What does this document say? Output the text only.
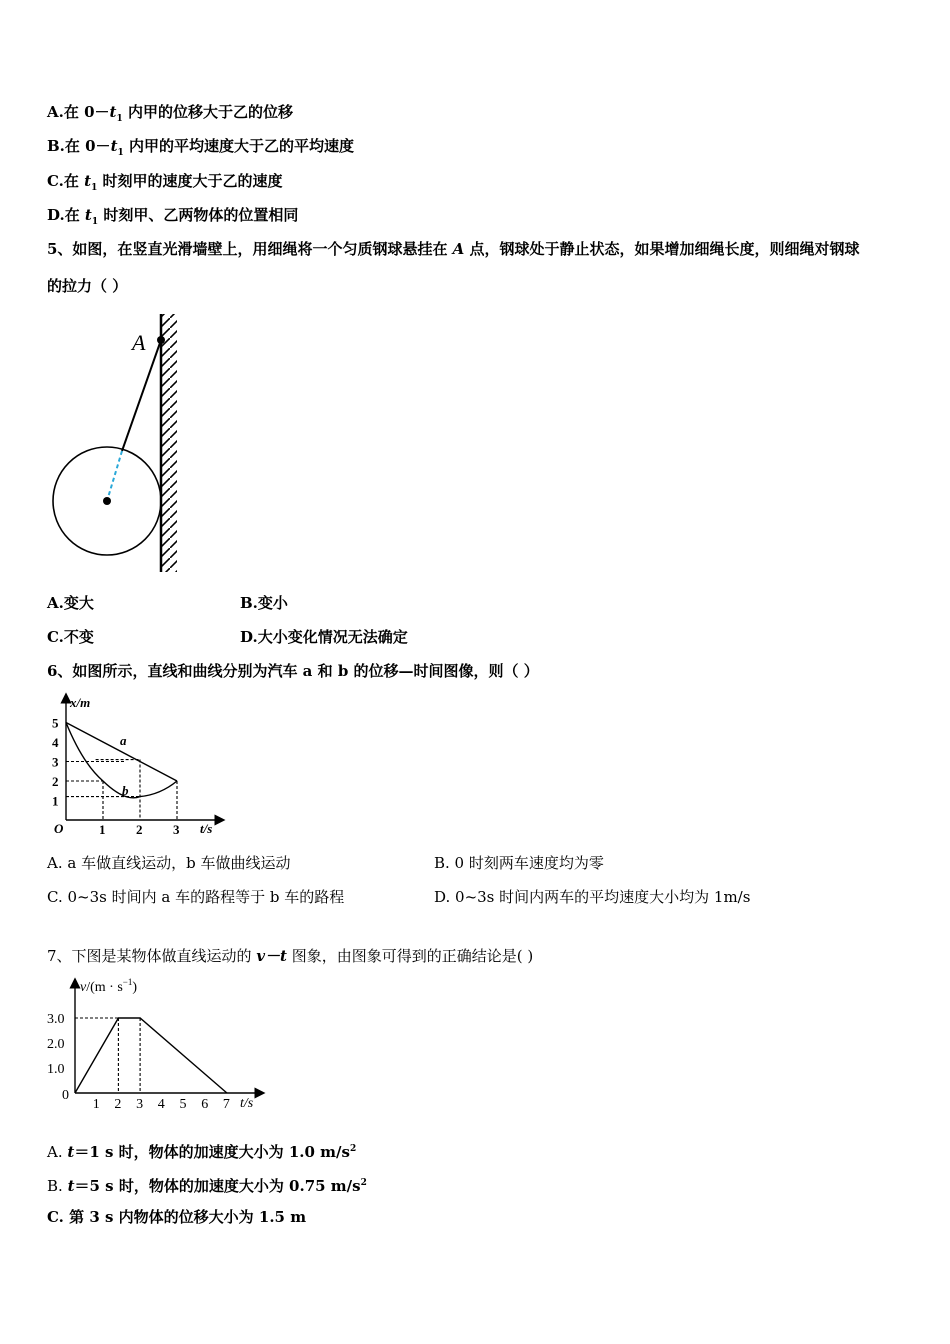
A.在 $0-t_1$ 内甲的位移大于乙的位移
B.在 $0-t_1$ 内甲的平均速度大于乙的平均速度
C.在 $t_1$ 时刻甲的速度大于乙的速度
D.在 $t_1$ 时刻甲、乙两物体的位置相同
5、如图，在竖直光滑墙壁上，用细绳将一个匀质钢球悬挂在 A 点，钢球处于静止状态，如果增加细绳长度，则细绳对钢球
的拉力（ ）
A
A.变大	B.变小
C.不变	D.大小变化情况无法确定
6、如图所示，直线和曲线分别为汽车 a 和 b 的位移—时间图像，则（ ）
x/m
t/s
O
5
4
3
2
1
1 2 3
a
b
A. a 车做直线运动，b 车做曲线运动	B. 0 时刻两车速度均为零
C. 0~3s 时间内 a 车的路程等于 b 车的路程	D. 0~3s 时间内两车的平均速度大小均为 1m/s
7、下图是某物体做直线运动的 v－t 图象，由图象可得到的正确结论是( )
$v/(m \cdot s^{-1})$
t/s
0
3.0
2.0
1.0
1 2 3 4 5 6 7
A. t＝1 s 时，物体的加速度大小为 1.0 $m/s^2$
B. t＝5 s 时，物体的加速度大小为 0.75 $m/s^2$
C. 第 3 s 内物体的位移大小为 1.5 m
